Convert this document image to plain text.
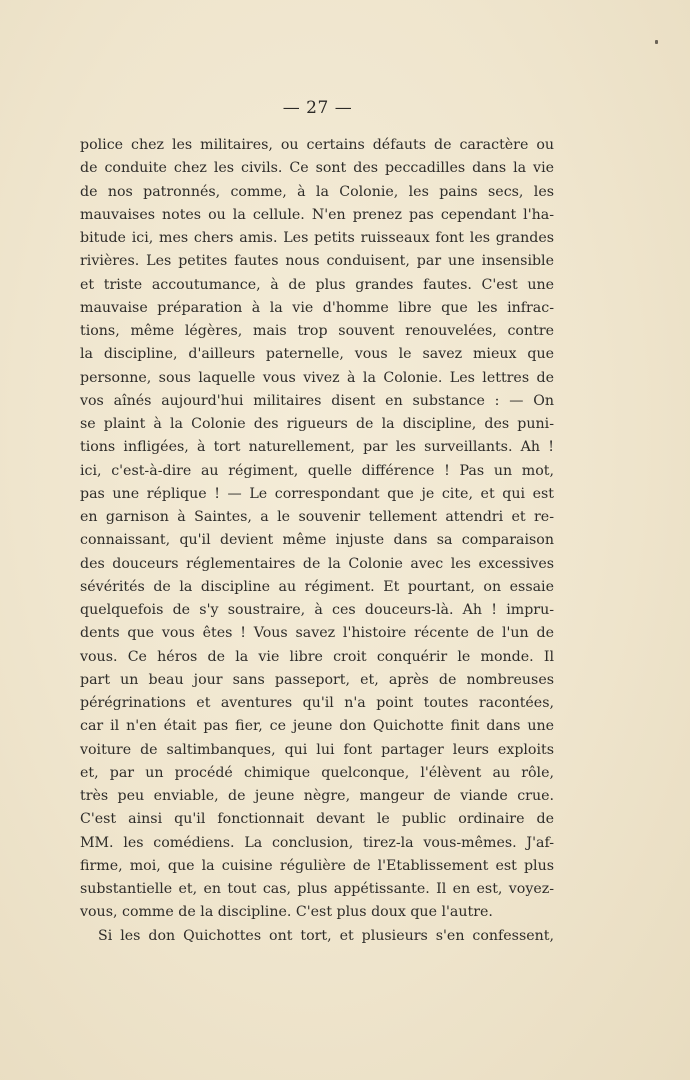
— 27 —
police chez les militaires, ou certains défauts de caractère ou
de conduite chez les civils. Ce sont des peccadilles dans la vie
de nos patronnés, comme, à la Colonie, les pains secs, les
mauvaises notes ou la cellule. N'en prenez pas cependant l'ha-
bitude ici, mes chers amis. Les petits ruisseaux font les grandes
rivières. Les petites fautes nous conduisent, par une insensible
et triste accoutumance, à de plus grandes fautes. C'est une
mauvaise préparation à la vie d'homme libre que les infrac-
tions, même légères, mais trop souvent renouvelées, contre
la discipline, d'ailleurs paternelle, vous le savez mieux que
personne, sous laquelle vous vivez à la Colonie. Les lettres de
vos aînés aujourd'hui militaires disent en substance : — On
se plaint à la Colonie des rigueurs de la discipline, des puni-
tions infligées, à tort naturellement, par les surveillants. Ah !
ici, c'est-à-dire au régiment, quelle différence ! Pas un mot,
pas une réplique ! — Le correspondant que je cite, et qui est
en garnison à Saintes, a le souvenir tellement attendri et re-
connaissant, qu'il devient même injuste dans sa comparaison
des douceurs réglementaires de la Colonie avec les excessives
sévérités de la discipline au régiment. Et pourtant, on essaie
quelquefois de s'y soustraire, à ces douceurs-là. Ah ! impru-
dents que vous êtes ! Vous savez l'histoire récente de l'un de
vous. Ce héros de la vie libre croit conquérir le monde. Il
part un beau jour sans passeport, et, après de nombreuses
pérégrinations et aventures qu'il n'a point toutes racontées,
car il n'en était pas fier, ce jeune don Quichotte finit dans une
voiture de saltimbanques, qui lui font partager leurs exploits
et, par un procédé chimique quelconque, l'élèvent au rôle,
très peu enviable, de jeune nègre, mangeur de viande crue.
C'est ainsi qu'il fonctionnait devant le public ordinaire de
MM. les comédiens. La conclusion, tirez-la vous-mêmes. J'af-
firme, moi, que la cuisine régulière de l'Etablissement est plus
substantielle et, en tout cas, plus appétissante. Il en est, voyez-
vous, comme de la discipline. C'est plus doux que l'autre.
Si les don Quichottes ont tort, et plusieurs s'en confessent,
